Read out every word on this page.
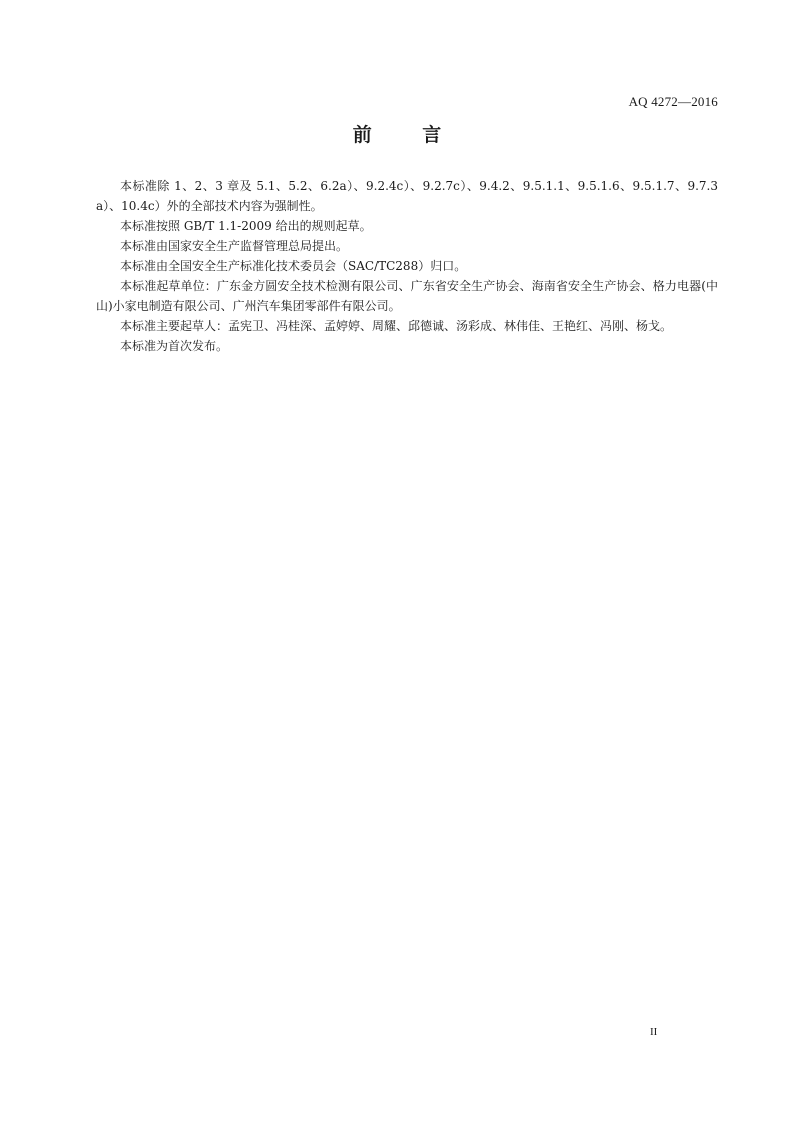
AQ 4272—2016
前 言

本标准除 1、2、3 章及 5.1、5.2、6.2a）、9.2.4c）、9.2.7c）、9.4.2、9.5.1.1、9.5.1.6、9.5.1.7、9.7.3 a）、10.4c）外的全部技术内容为强制性。

本标准按照 GB/T 1.1-2009 给出的规则起草。

本标准由国家安全生产监督管理总局提出。

本标准由全国安全生产标准化技术委员会（SAC/TC288）归口。

本标准起草单位：广东金方圆安全技术检测有限公司、广东省安全生产协会、海南省安全生产协会、格力电器(中山)小家电制造有限公司、广州汽车集团零部件有限公司。

本标准主要起草人：孟宪卫、冯桂深、孟婷婷、周耀、邱德诚、汤彩成、林伟佳、王艳红、冯刚、杨戈。

本标准为首次发布。

II
